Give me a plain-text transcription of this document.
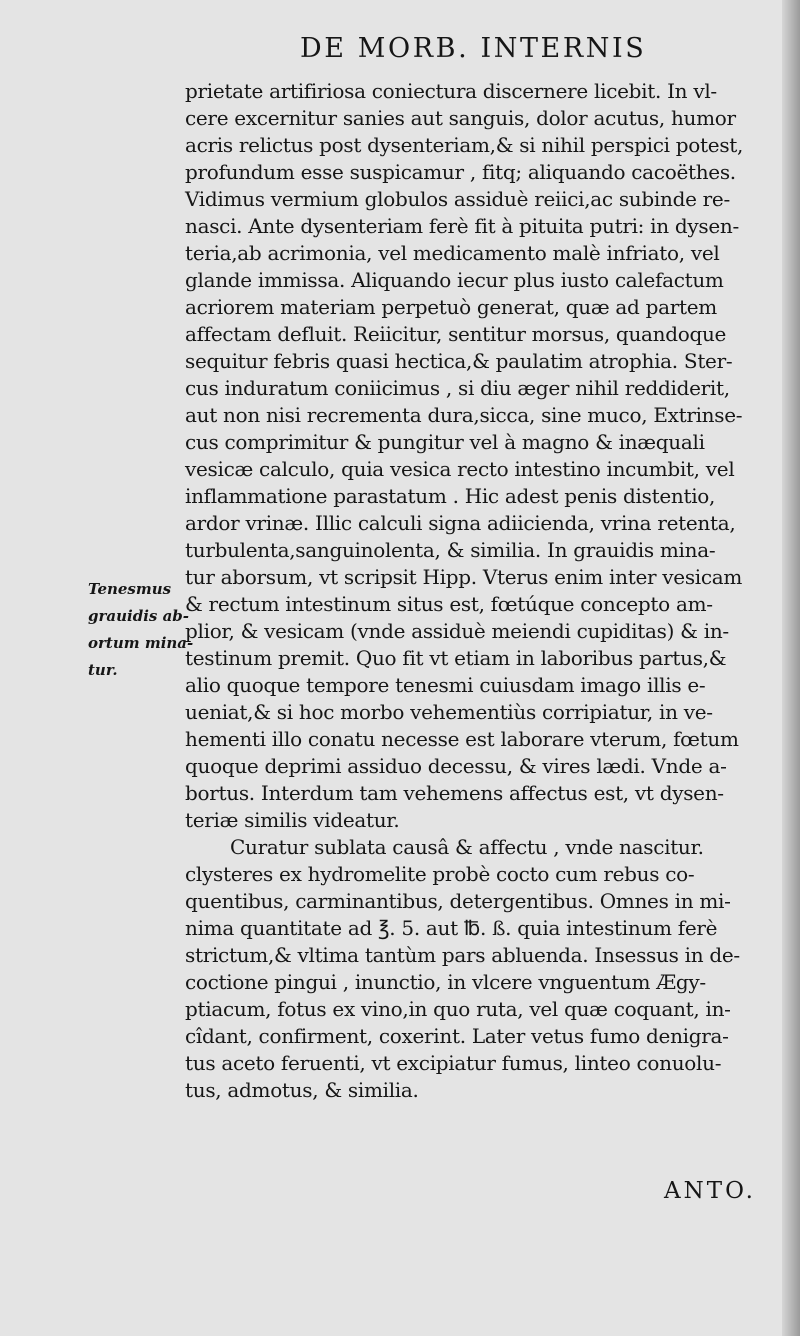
DE MORB. INTERNIS
Tenesmus
grauidis ab-
ortum mina-
tur.
prietate artifiriosa coniectura discernere licebit. In vl-
cere excernitur sanies aut sanguis, dolor acutus, humor
acris relictus post dysenteriam,& si nihil perspici potest,
profundum esse suspicamur , fitq; aliquando cacoëthes.
Vidimus vermium globulos assiduè reiici,ac subinde re-
nasci. Ante dysenteriam ferè fit à pituita putri: in dysen-
teria,ab acrimonia, vel medicamento malè infriato, vel
glande immissa. Aliquando iecur plus iusto calefactum
acriorem materiam perpetuò generat, quæ ad partem
affectam defluit. Reiicitur, sentitur morsus, quandoque
sequitur febris quasi hectica,& paulatim atrophia. Ster-
cus induratum coniicimus , si diu æger nihil reddiderit,
aut non nisi recrementa dura,sicca, sine muco, Extrinse-
cus comprimitur & pungitur vel à magno & inæquali
vesicæ calculo, quia vesica recto intestino incumbit, vel
inflammatione parastatum . Hic adest penis distentio,
ardor vrinæ. Illic calculi signa adiicienda, vrina retenta,
turbulenta,sanguinolenta, & similia. In grauidis mina-
tur aborsum, vt scripsit Hipp. Vterus enim inter vesicam
& rectum intestinum situs est, fœtúque concepto am-
plior, & vesicam (vnde assiduè meiendi cupiditas) & in-
testinum premit. Quo fit vt etiam in laboribus partus,&
alio quoque tempore tenesmi cuiusdam imago illis e-
ueniat,& si hoc morbo vehementiùs corripiatur, in ve-
hementi illo conatu necesse est laborare vterum, fœtum
quoque deprimi assiduo decessu, & vires lædi. Vnde a-
bortus. Interdum tam vehemens affectus est, vt dysen-
teriæ similis videatur.
Curatur sublata causâ & affectu , vnde nascitur.
clysteres ex hydromelite probè cocto cum rebus co-
quentibus, carminantibus, detergentibus. Omnes in mi-
nima quantitate ad ℥. 5. aut ℔. ß. quia intestinum ferè
strictum,& vltima tantùm pars abluenda. Insessus in de-
coctione pingui , inunctio, in vlcere vnguentum Ægy-
ptiacum, fotus ex vino,in quo ruta, vel quæ coquant, in-
cîdant, confirment, coxerint. Later vetus fumo denigra-
tus aceto feruenti, vt excipiatur fumus, linteo conuolu-
tus, admotus, & similia.
ANTO.
